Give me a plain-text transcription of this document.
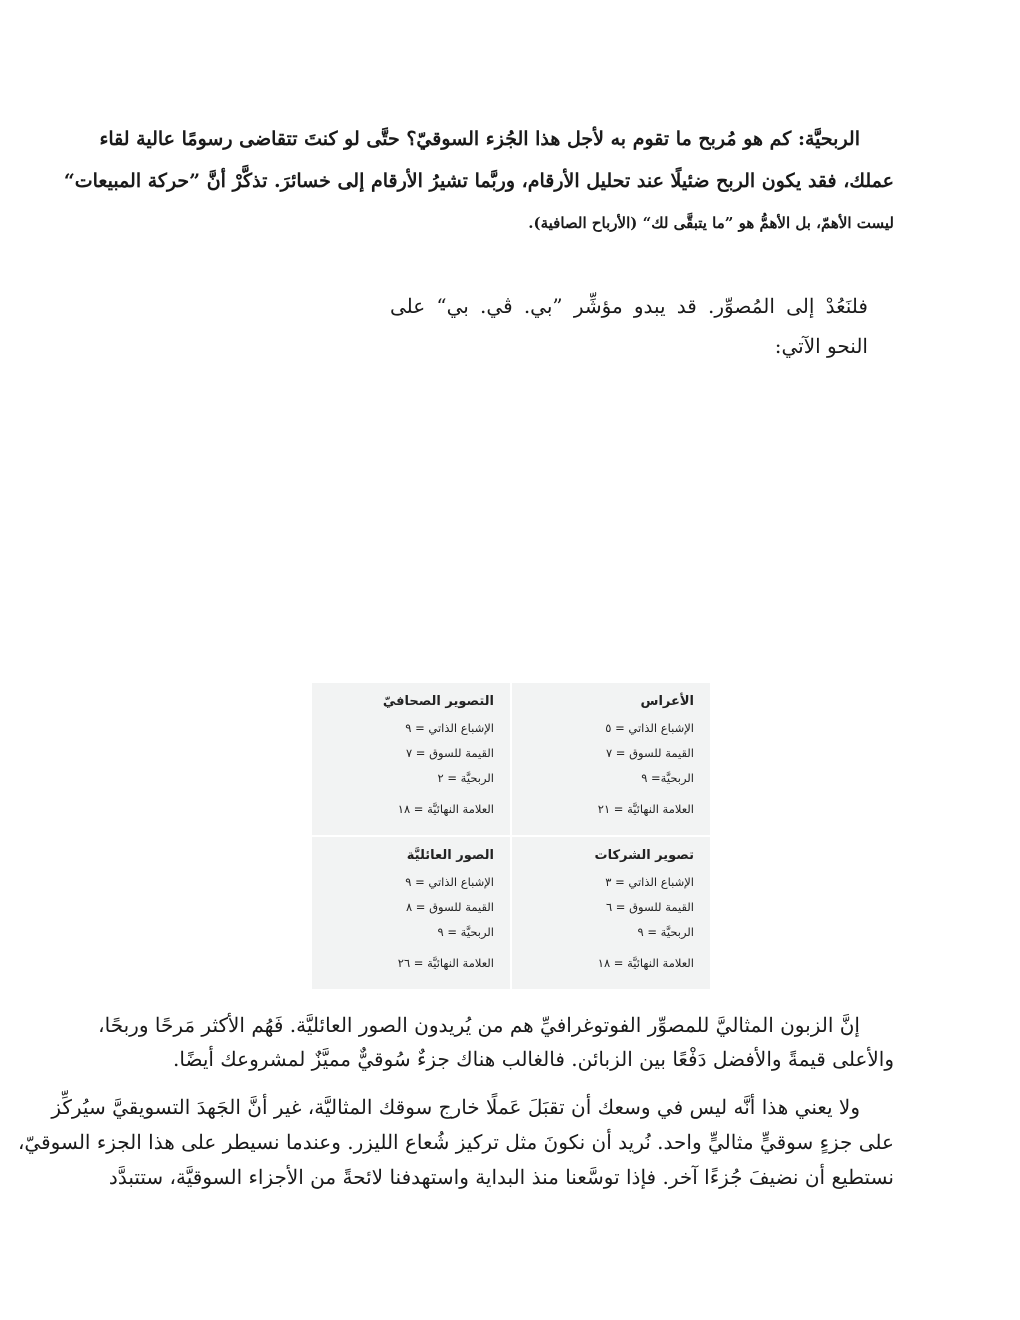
الربحيَّة: كم هو مُربح ما تقوم به لأجل هذا الجُزء السوقيّ؟ حتَّى لو كنتَ تتقاضى رسومًا عالية لقاء
عملك، فقد يكون الربح ضئيلًا عند تحليل الأرقام، وربَّما تشيرُ الأرقام إلى خسائرَ. تذكَّرْ أنَّ ”حركة المبيعات“
ليست الأهمّ، بل الأهمُّ هو ”ما يتبقَّى لك“ (الأرباح الصافية).

فلنَعُدْ إلى المُصوِّر. قد يبدو مؤشِّر ”بي. ڤي. بي“ على النحو الآتي:

الأعراس
الإشباع الذاتي = ٥
القيمة للسوق = ٧
الربحيَّة= ٩
العلامة النهائيَّة = ٢١
التصوير الصحافيّ
الإشباع الذاتي = ٩
القيمة للسوق = ٧
الربحيَّة = ٢
العلامة النهائيَّة = ١٨
تصوير الشركات
الإشباع الذاتي = ٣
القيمة للسوق = ٦
الربحيَّة = ٩
العلامة النهائيَّة = ١٨
الصور العائليَّة
الإشباع الذاتي = ٩
القيمة للسوق = ٨
الربحيَّة = ٩
العلامة النهائيَّة = ٢٦

إنَّ الزبون المثاليَّ للمصوِّر الفوتوغرافيِّ هم من يُريدون الصور العائليَّة. فَهُم الأكثر مَرحًا وربحًا،
والأعلى قيمةً والأفضل دَفْعًا بين الزبائن. فالغالب هناك جزءٌ سُوقيٌّ مميَّزٌ لمشروعك أيضًا.

ولا يعني هذا أنَّه ليس في وسعك أن تقبَلَ عَملًا خارج سوقك المثاليَّة، غير أنَّ الجَهدَ التسويقيَّ سيُركِّز
على جزءٍ سوقيٍّ مثاليٍّ واحد. نُريد أن نكونَ مثل تركيز شُعاع الليزر. وعندما نسيطر على هذا الجزء السوقيّ،
نستطيع أن نضيفَ جُزءًا آخر. فإذا توسَّعنا منذ البداية واستهدفنا لائحةً من الأجزاء السوقيَّة، ستتبدَّد
